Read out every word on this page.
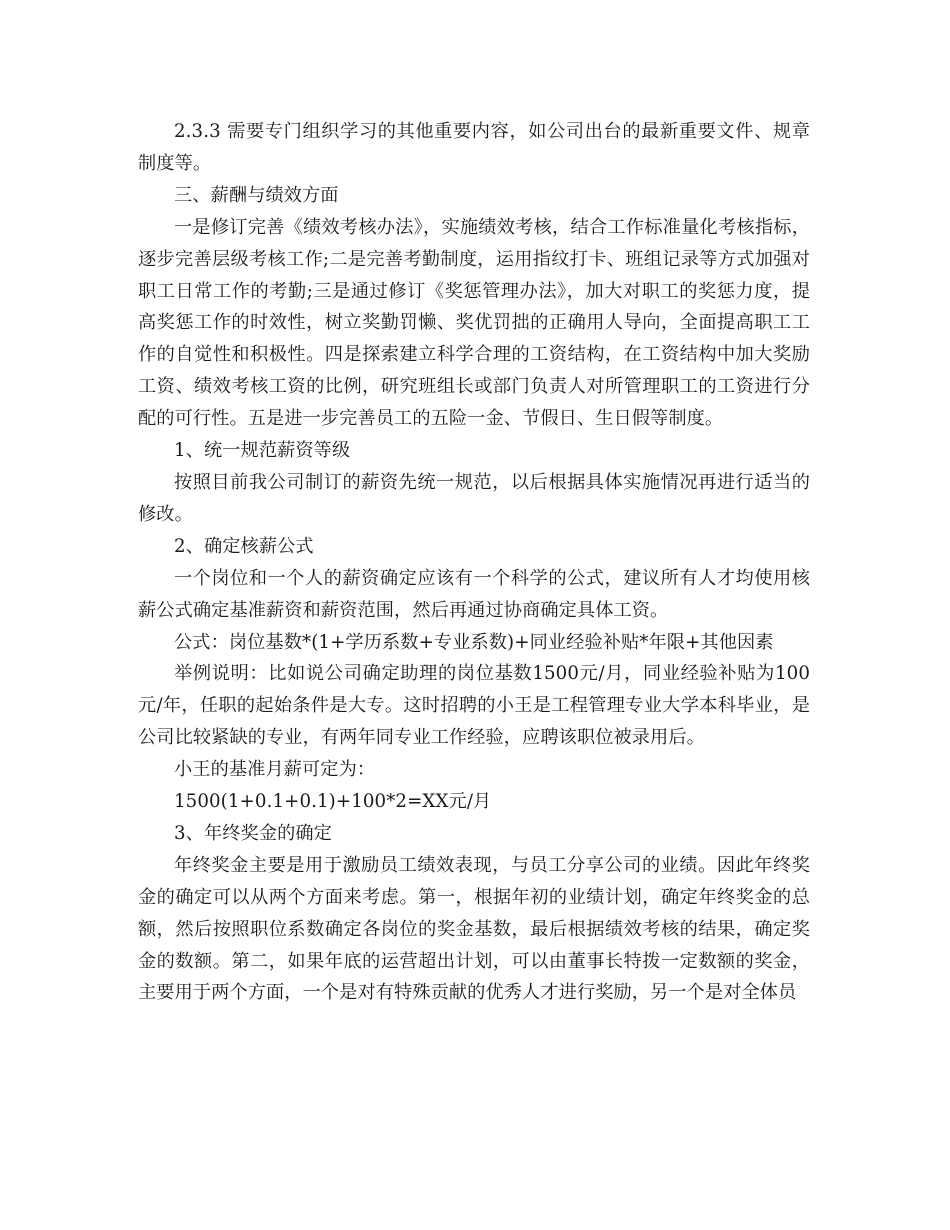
2.3.3 需要专门组织学习的其他重要内容，如公司出台的最新重要文件、规章制度等。

三、薪酬与绩效方面

一是修订完善《绩效考核办法》，实施绩效考核，结合工作标准量化考核指标，逐步完善层级考核工作;二是完善考勤制度，运用指纹打卡、班组记录等方式加强对职工日常工作的考勤;三是通过修订《奖惩管理办法》，加大对职工的奖惩力度，提高奖惩工作的时效性，树立奖勤罚懒、奖优罚拙的正确用人导向，全面提高职工工作的自觉性和积极性。四是探索建立科学合理的工资结构，在工资结构中加大奖励工资、绩效考核工资的比例，研究班组长或部门负责人对所管理职工的工资进行分配的可行性。五是进一步完善员工的五险一金、节假日、生日假等制度。

1、统一规范薪资等级

按照目前我公司制订的薪资先统一规范，以后根据具体实施情况再进行适当的修改。

2、确定核薪公式

一个岗位和一个人的薪资确定应该有一个科学的公式，建议所有人才均使用核薪公式确定基准薪资和薪资范围，然后再通过协商确定具体工资。

公式：岗位基数*(1+学历系数+专业系数)+同业经验补贴*年限+其他因素

举例说明：比如说公司确定助理的岗位基数1500元/月，同业经验补贴为100元/年，任职的起始条件是大专。这时招聘的小王是工程管理专业大学本科毕业，是公司比较紧缺的专业，有两年同专业工作经验，应聘该职位被录用后。

小王的基准月薪可定为：

1500(1+0.1+0.1)+100*2=XX元/月

3、年终奖金的确定

年终奖金主要是用于激励员工绩效表现，与员工分享公司的业绩。因此年终奖金的确定可以从两个方面来考虑。第一，根据年初的业绩计划，确定年终奖金的总额，然后按照职位系数确定各岗位的奖金基数，最后根据绩效考核的结果，确定奖金的数额。第二，如果年底的运营超出计划，可以由董事长特拨一定数额的奖金，主要用于两个方面，一个是对有特殊贡献的优秀人才进行奖励，另一个是对全体员
